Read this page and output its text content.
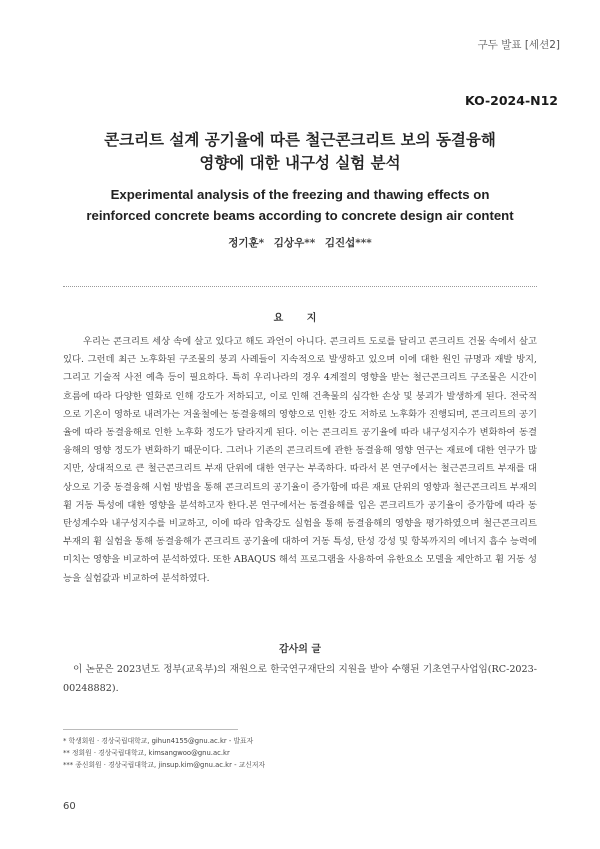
구두 발표 [세션2]
KO-2024-N12
콘크리트 설계 공기율에 따른 철근콘크리트 보의 동결융해
영향에 대한 내구성 실험 분석
Experimental analysis of the freezing and thawing effects on
reinforced concrete beams according to concrete design air content
정기훈* 김상우** 김진섭***
요 지

우리는 콘크리트 세상 속에 살고 있다고 해도 과언이 아니다. 콘크리트 도로를 달리고 콘크리트 건물 속에서 살고 있다. 그런데 최근 노후화된 구조물의 붕괴 사례들이 지속적으로 발생하고 있으며 이에 대한 원인 규명과 재발 방지, 그리고 기술적 사전 예측 등이 필요하다. 특히 우리나라의 경우 4계절의 영향을 받는 철근콘크리트 구조물은 시간이 흐름에 따라 다양한 열화로 인해 강도가 저하되고, 이로 인해 건축물의 심각한 손상 및 붕괴가 발생하게 된다. 전국적으로 기온이 영하로 내려가는 겨울철에는 동결융해의 영향으로 인한 강도 저하로 노후화가 진행되며, 콘크리트의 공기율에 따라 동결융해로 인한 노후화 정도가 달라지게 된다. 이는 콘크리트 공기율에 따라 내구성지수가 변화하여 동결융해의 영향 정도가 변화하기 때문이다. 그러나 기존의 콘크리트에 관한 동결융해 영향 연구는 재료에 대한 연구가 많지만, 상대적으로 큰 철근콘크리트 부재 단위에 대한 연구는 부족하다. 따라서 본 연구에서는 철근콘크리트 부재를 대상으로 기중 동결융해 시험 방법을 통해 콘크리트의 공기율이 증가함에 따른 재료 단위의 영향과 철근콘크리트 부재의 휨 거동 특성에 대한 영향을 분석하고자 한다.본 연구에서는 동결융해를 입은 콘크리트가 공기율이 증가함에 따라 동탄성계수와 내구성지수를 비교하고, 이에 따라 압축강도 실험을 통해 동결융해의 영향을 평가하였으며 철근콘크리트 부재의 휨 실험을 통해 동결융해가 콘크리트 공기율에 대하여 거동 특성, 탄성 강성 및 항복까지의 에너지 흡수 능력에 미치는 영향을 비교하여 분석하였다. 또한 ABAQUS 해석 프로그램을 사용하여 유한요소 모델을 제안하고 휨 거동 성능을 실험값과 비교하여 분석하였다.

감사의 글

이 논문은 2023년도 정부(교육부)의 재원으로 한국연구재단의 지원을 받아 수행된 기초연구사업임(RC-2023-00248882).

* 학생회원 · 경상국립대학교, gihun4155@gnu.ac.kr - 발표자
** 정회원 · 경상국립대학교, kimsangwoo@gnu.ac.kr
*** 종신회원 · 경상국립대학교, jinsup.kim@gnu.ac.kr - 교신저자
60
